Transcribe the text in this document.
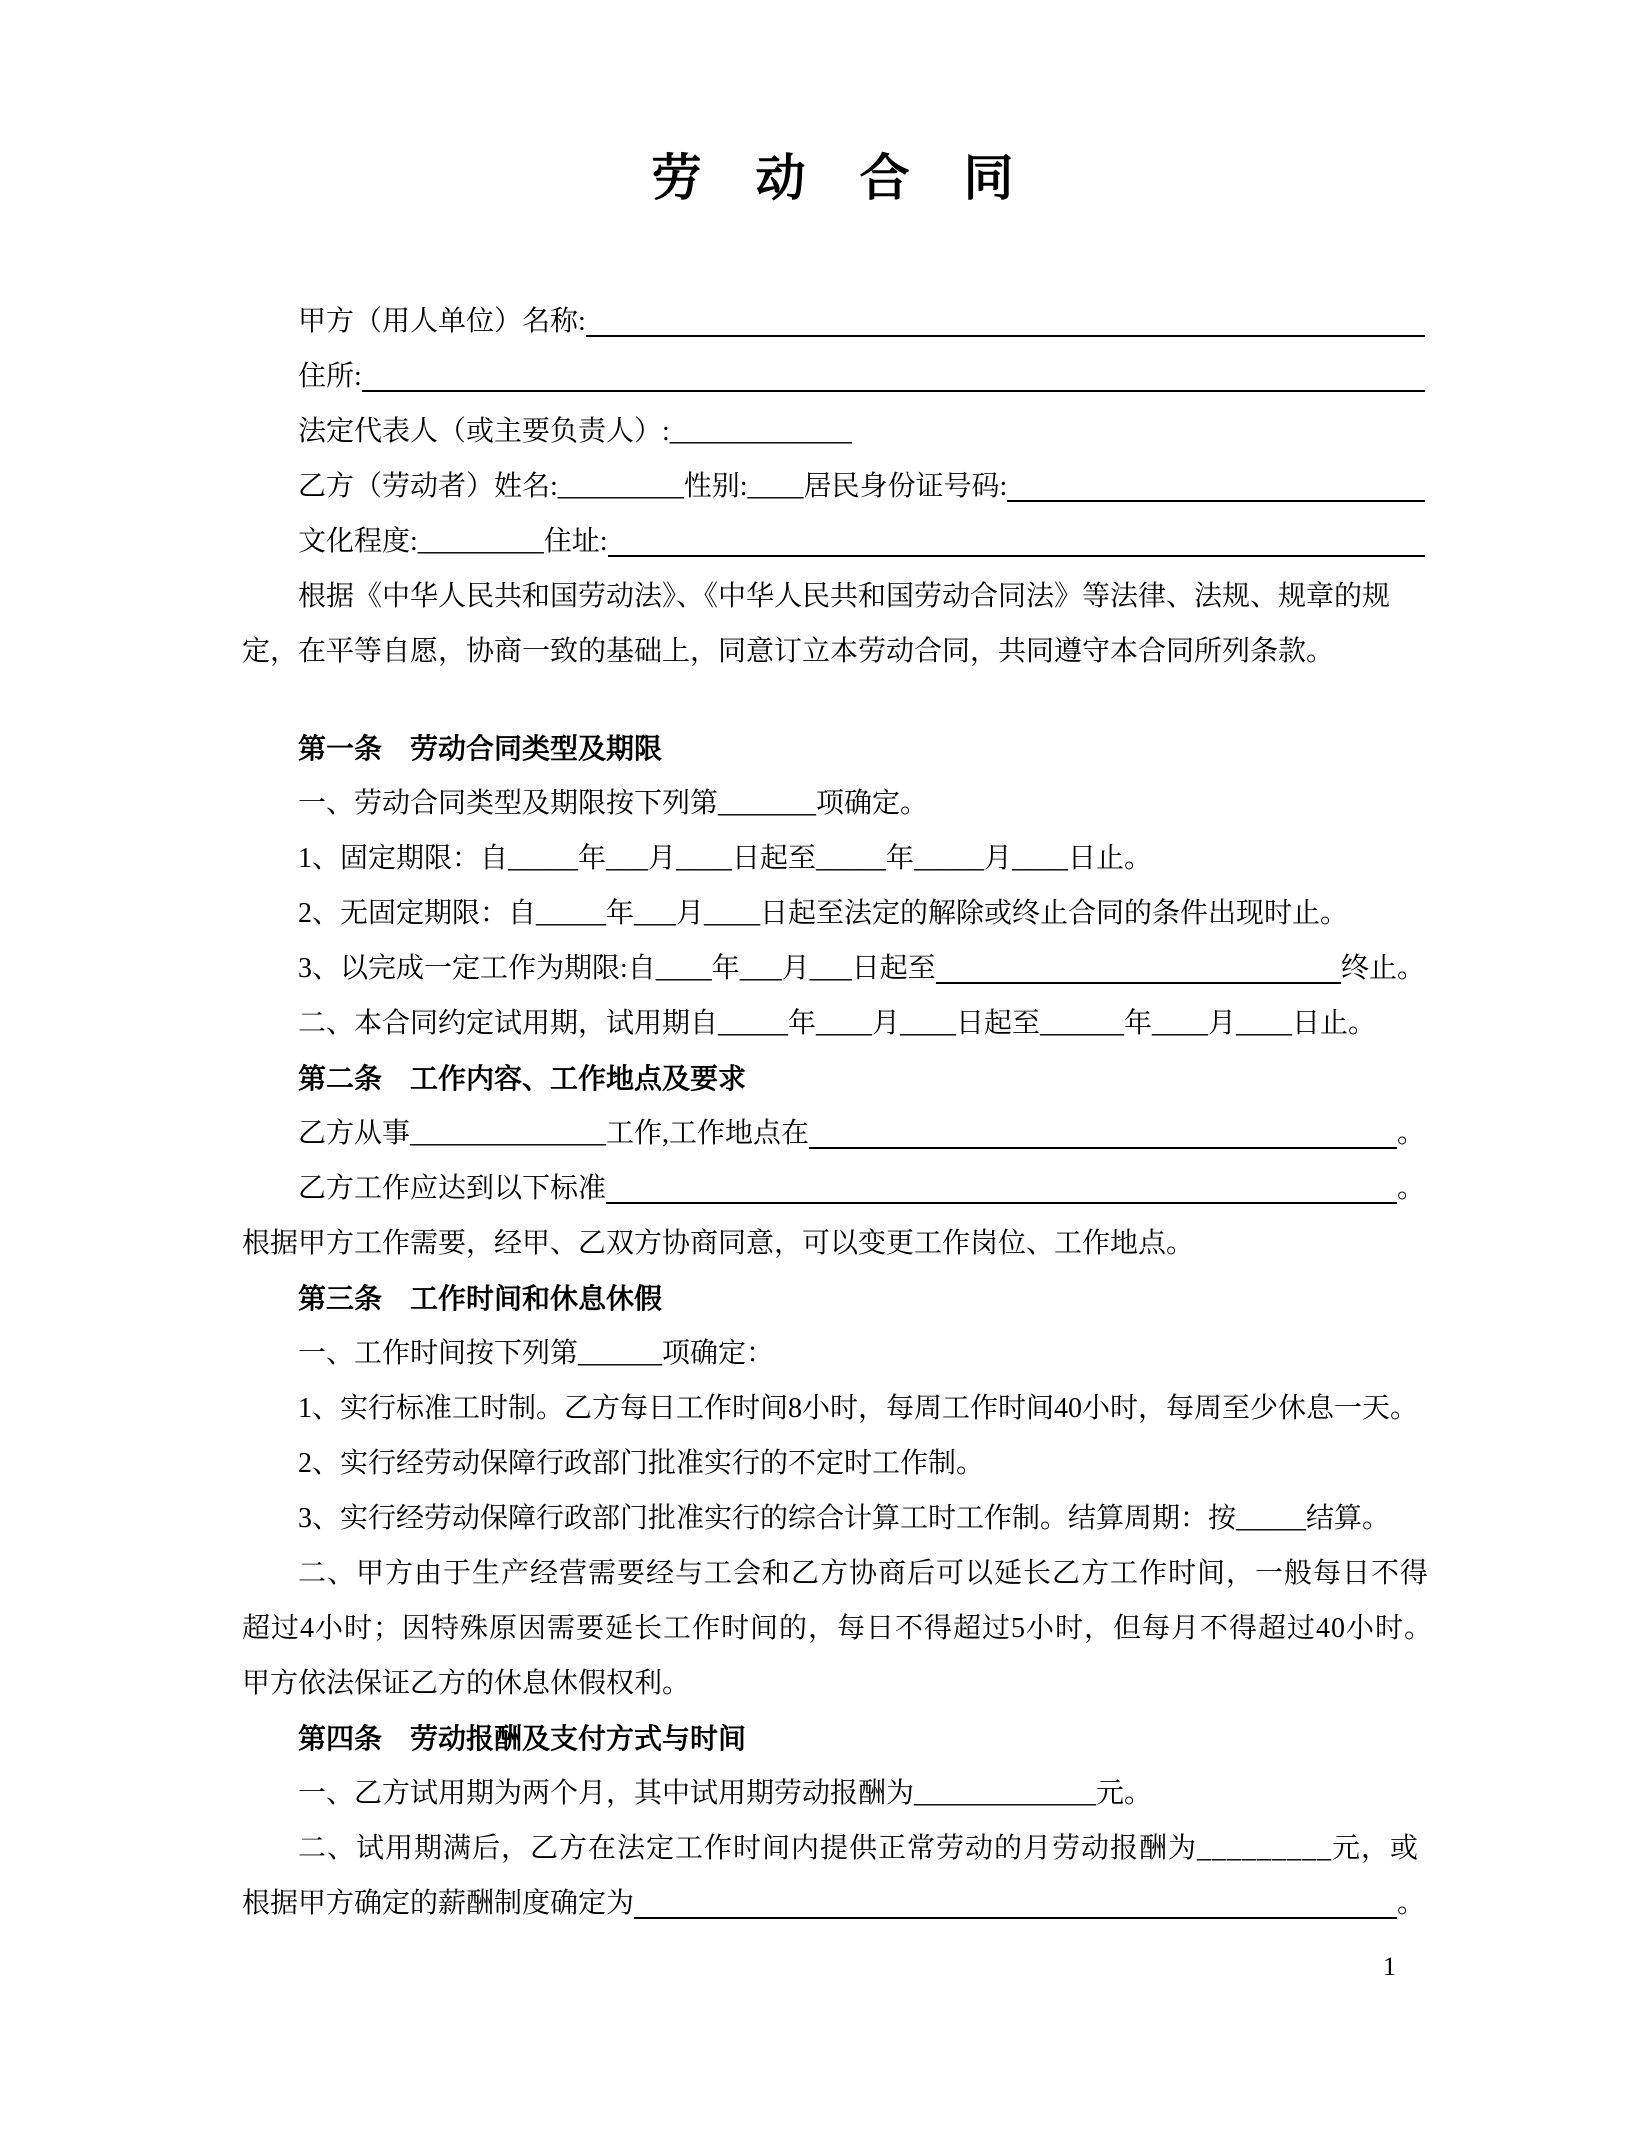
劳　动　合　同
甲方（用人单位）名称:
住所:
法定代表人（或主要负责人）:_____________
乙方（劳动者）姓名:_________性别:____居民身份证号码:
文化程度:_________住址:
根据《中华人民共和国劳动法》、《中华人民共和国劳动合同法》等法律、法规、规章的规
定，在平等自愿，协商一致的基础上，同意订立本劳动合同，共同遵守本合同所列条款。
第一条　劳动合同类型及期限
一、劳动合同类型及期限按下列第_______项确定。
1、固定期限：自_____年___月____日起至_____年_____月____日止。
2、无固定期限：自_____年___月____日起至法定的解除或终止合同的条件出现时止。
3、以完成一定工作为期限:自____年___月___日起至	终止。
二、本合同约定试用期，试用期自_____年____月____日起至______年____月____日止。
第二条　工作内容、工作地点及要求
乙方从事______________工作,工作地点在	。
乙方工作应达到以下标准	。
根据甲方工作需要，经甲、乙双方协商同意，可以变更工作岗位、工作地点。
第三条　工作时间和休息休假
一、工作时间按下列第______项确定：
1、实行标准工时制。乙方每日工作时间8小时，每周工作时间40小时，每周至少休息一天。
2、实行经劳动保障行政部门批准实行的不定时工作制。
3、实行经劳动保障行政部门批准实行的综合计算工时工作制。结算周期：按_____结算。
二、甲方由于生产经营需要经与工会和乙方协商后可以延长乙方工作时间，一般每日不得
超过4小时；因特殊原因需要延长工作时间的，每日不得超过5小时，但每月不得超过40小时。
甲方依法保证乙方的休息休假权利。
第四条　劳动报酬及支付方式与时间
一、乙方试用期为两个月，其中试用期劳动报酬为_____________元。
二、试用期满后，乙方在法定工作时间内提供正常劳动的月劳动报酬为_________元，或
根据甲方确定的薪酬制度确定为	。
1
